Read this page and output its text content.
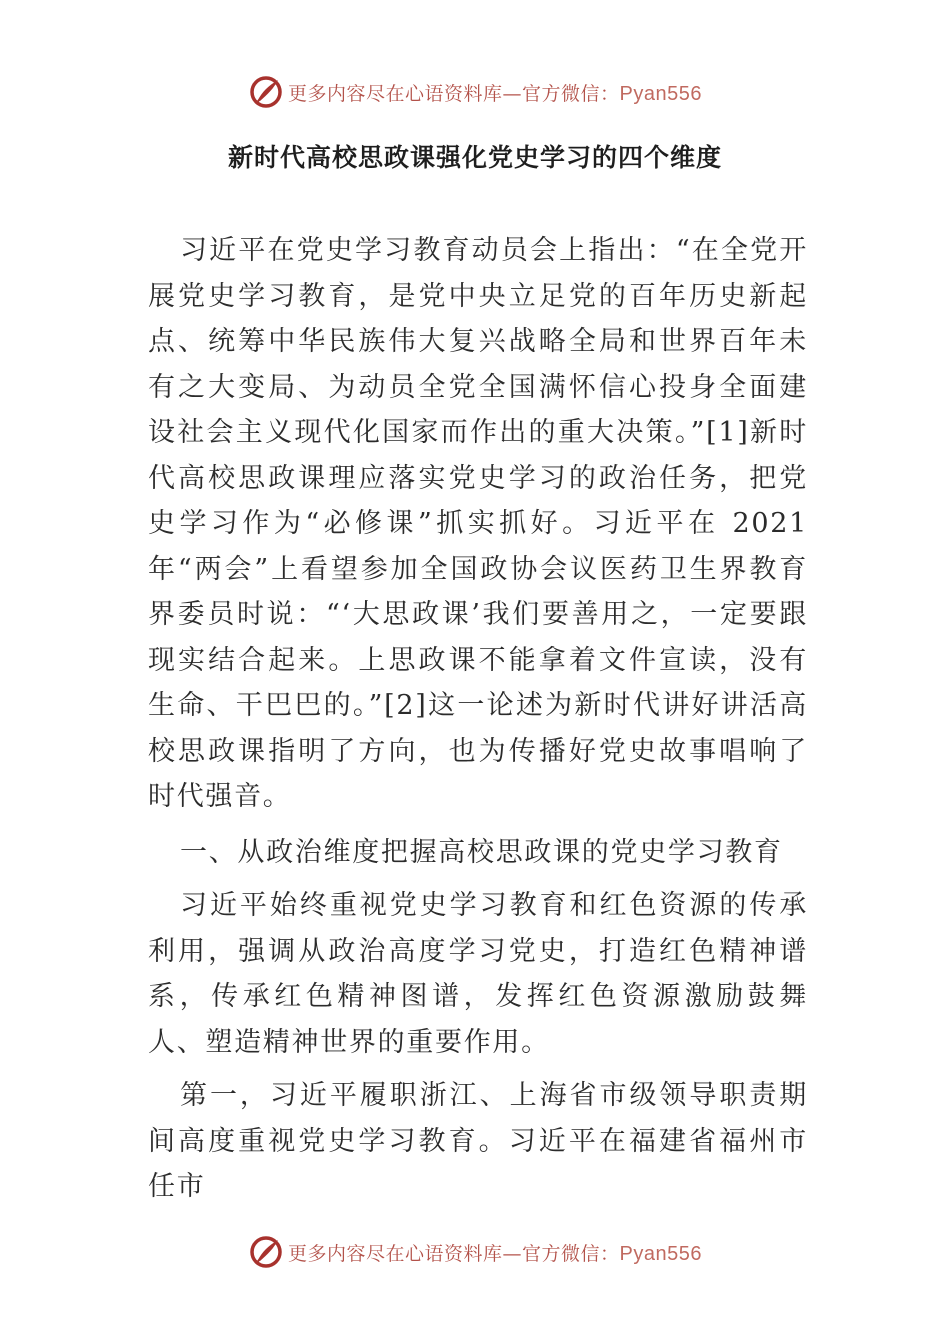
更多内容尽在心语资料库—官方微信：Pyan556
新时代高校思政课强化党史学习的四个维度

习近平在党史学习教育动员会上指出：“在全党开展党史学习教育，是党中央立足党的百年历史新起点、统筹中华民族伟大复兴战略全局和世界百年未有之大变局、为动员全党全国满怀信心投身全面建设社会主义现代化国家而作出的重大决策。”[1]新时代高校思政课理应落实党史学习的政治任务，把党史学习作为“必修课”抓实抓好。习近平在 2021 年“两会”上看望参加全国政协会议医药卫生界教育界委员时说：“‘大思政课’我们要善用之，一定要跟现实结合起来。上思政课不能拿着文件宣读，没有生命、干巴巴的。”[2]这一论述为新时代讲好讲活高校思政课指明了方向，也为传播好党史故事唱响了时代强音。

一、从政治维度把握高校思政课的党史学习教育

习近平始终重视党史学习教育和红色资源的传承利用，强调从政治高度学习党史，打造红色精神谱系，传承红色精神图谱，发挥红色资源激励鼓舞人、塑造精神世界的重要作用。

第一，习近平履职浙江、上海省市级领导职责期间高度重视党史学习教育。习近平在福建省福州市任市

更多内容尽在心语资料库—官方微信：Pyan556
